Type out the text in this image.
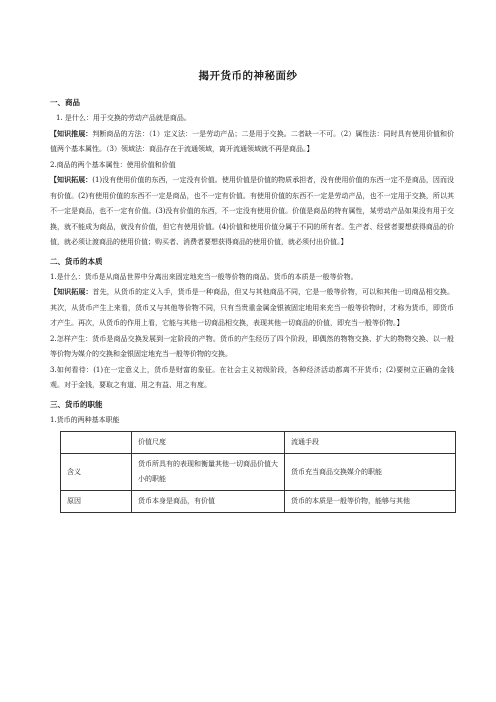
揭开货币的神秘面纱
一、商品

1. 是什么：用于交换的劳动产品就是商品。

【知识推展：判断商品的方法：（1）定义法：一是劳动产品；二是用于交换。二者缺一不可。（2）属性法：同时具有使用价值和价值两个基本属性。（3）领域法：商品存在于流通领域，离开流通领域就不再是商品。】

2.商品的两个基本属性：使用价值和价值

【知识拓展：(1)没有使用价值的东西，一定没有价值。使用价值是价值的物质承担者，没有使用价值的东西一定不是商品，因而没有价值。(2)有使用价值的东西不一定是商品，也不一定有价值。有使用价值的东西不一定是劳动产品，也不一定用于交换，所以其不一定是商品，也不一定有价值。(3)没有价值的东西，不一定没有使用价值。价值是商品的特有属性，某劳动产品如果没有用于交换，就不能成为商品，就没有价值，但它有使用价值。(4)价值和使用价值分属于不同的所有者。生产者、经营者要想获得商品的价值，就必须让渡商品的使用价值；购买者、消费者要想获得商品的使用价值，就必须付出价值。】

二、货币的本质

1.是什么：货币是从商品世界中分离出来固定地充当一般等价物的商品。货币的本质是一般等价物。

【知识拓展：首先，从货币的定义入手，货币是一种商品，但又与其他商品不同，它是一般等价物，可以和其他一切商品相交换。其次，从货币产生上来看，货币又与其他等价物不同，只有当贵重金属金银被固定地用来充当一般等价物时，才称为货币，即货币才产生。再次，从货币的作用上看，它能与其他一切商品相交换，表现其他一切商品的价值，即充当一般等价物。】

2.怎样产生：货币是商品交换发展到一定阶段的产物。货币的产生经历了四个阶段，即偶然的物物交换、扩大的物物交换、以一般等价物为媒介的交换和金银固定地充当一般等价物的交换。

3.如何看待：(1)在一定意义上，货币是财富的象征。在社会主义初级阶段，各种经济活动都离不开货币；(2)要树立正确的金钱观。对于金钱，要取之有道、用之有益、用之有度。

三、货币的职能

1.货币的两种基本职能

	价值尺度	流通手段
含义	货币所具有的表现和衡量其他一切商品价值大小的职能	货币充当商品交换媒介的职能
原因	货币本身是商品，有价值	货币的本质是一般等价物，能够与其他
